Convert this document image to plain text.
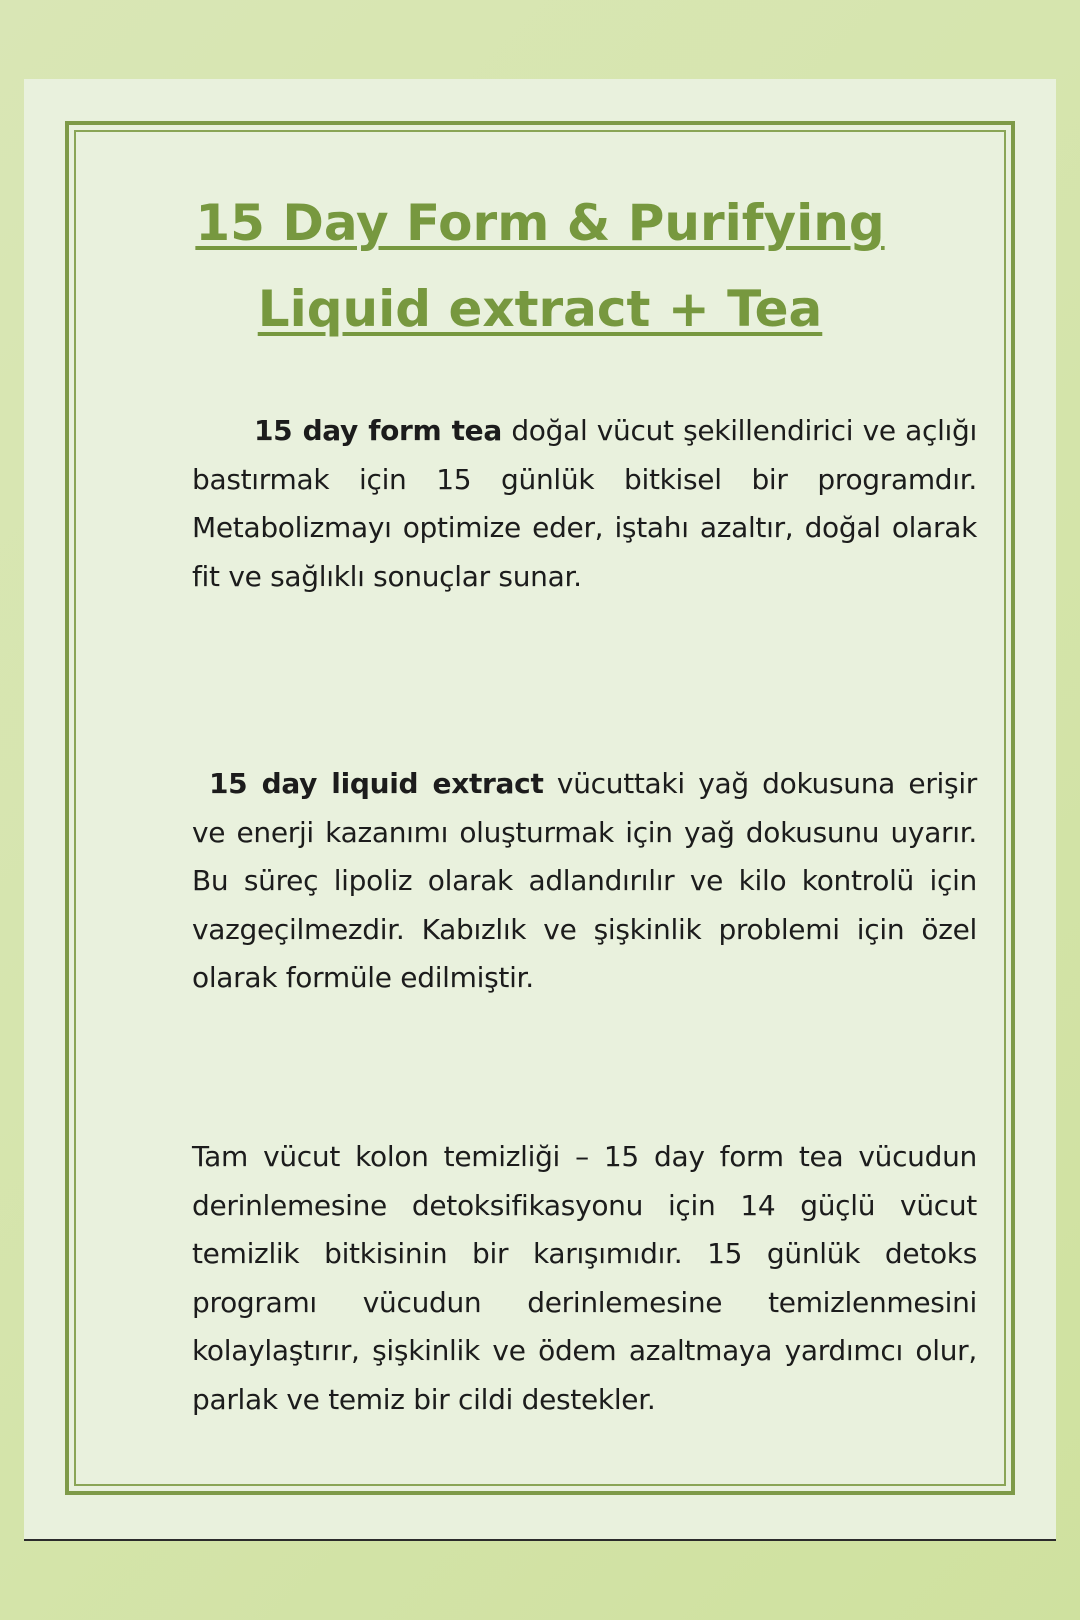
15 Day Form & Purifying
Liquid extract + Tea

15 day form tea doğal vücut şekillendirici ve açlığı bastırmak için 15 günlük bitkisel bir programdır. Metabolizmayı optimize eder, iştahı azaltır, doğal olarak fit ve sağlıklı sonuçlar sunar.

15 day liquid extract vücuttaki yağ dokusuna erişir ve enerji kazanımı oluşturmak için yağ dokusunu uyarır. Bu süreç lipoliz olarak adlandırılır ve kilo kontrolü için vazgeçilmezdir. Kabızlık ve şişkinlik problemi için özel olarak formüle edilmiştir.

Tam vücut kolon temizliği – 15 day form tea vücudun derinlemesine detoksifikasyonu için 14 güçlü vücut temizlik bitkisinin bir karışımıdır. 15 günlük detoks programı vücudun derinlemesine temizlenmesini kolaylaştırır, şişkinlik ve ödem azaltmaya yardımcı olur, parlak ve temiz bir cildi destekler.
